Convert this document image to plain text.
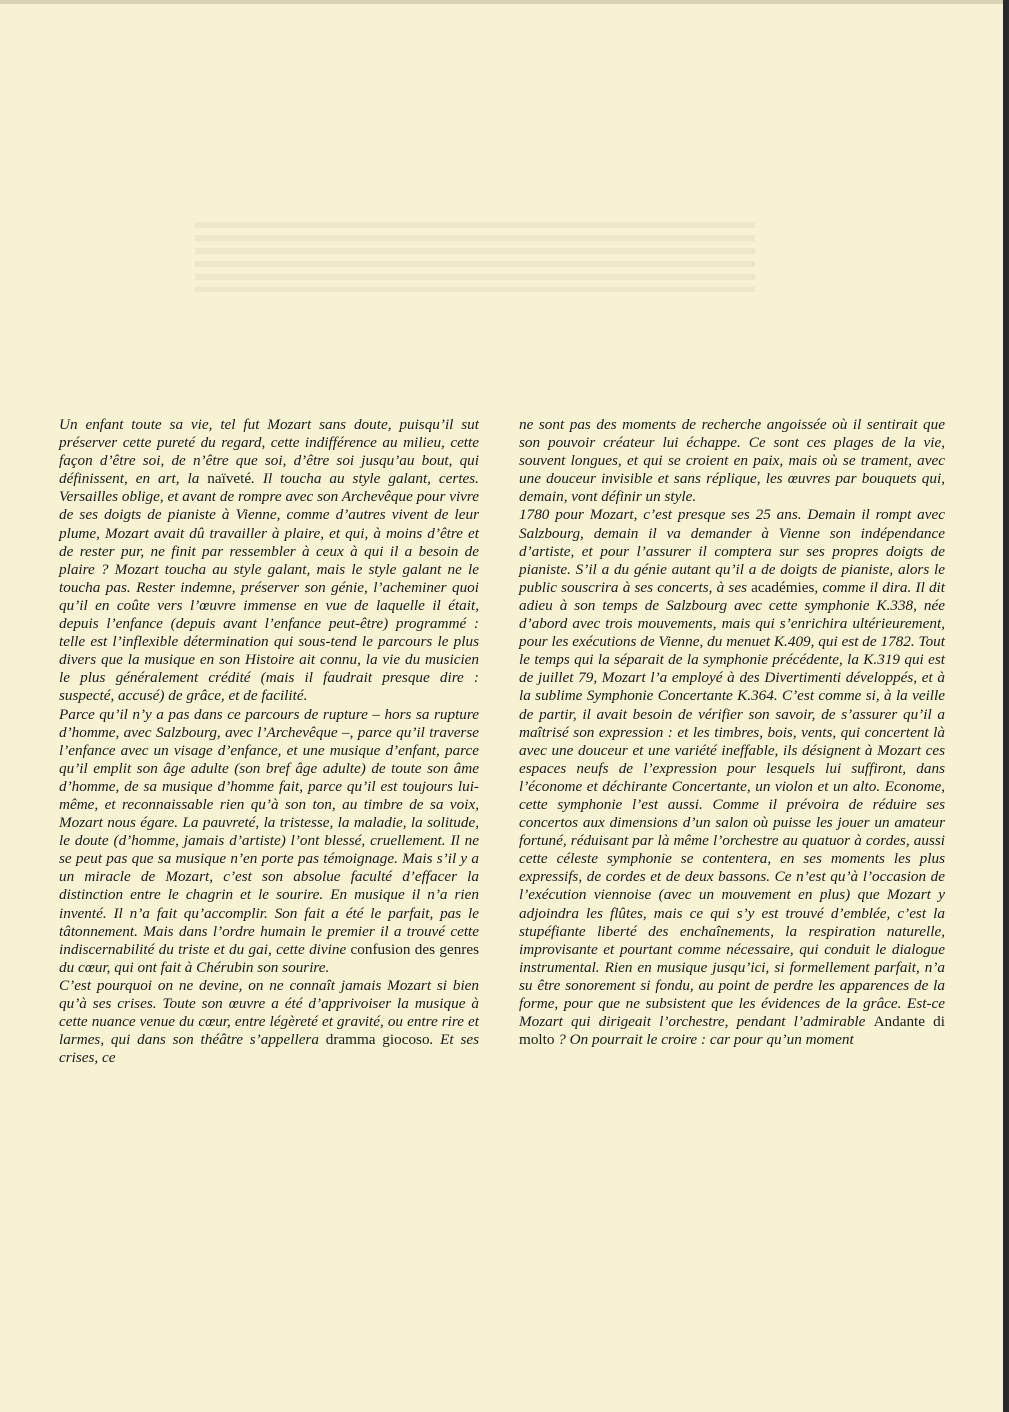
Un enfant toute sa vie, tel fut Mozart sans doute, puisqu’il sut préserver cette pureté du regard, cette indifférence au milieu, cette façon d’être soi, de n’être que soi, d’être soi jusqu’au bout, qui définissent, en art, la naïveté. Il toucha au style galant, certes. Versailles oblige, et avant de rompre avec son Archevêque pour vivre de ses doigts de pianiste à Vienne, comme d’autres vivent de leur plume, Mozart avait dû travailler à plaire, et qui, à moins d’être et de rester pur, ne finit par ressembler à ceux à qui il a besoin de plaire ? Mozart toucha au style galant, mais le style galant ne le toucha pas. Rester indemne, préserver son génie, l’acheminer quoi qu’il en coûte vers l’œuvre immense en vue de laquelle il était, depuis l’enfance (depuis avant l’enfance peut-être) programmé : telle est l’inflexible détermination qui sous-tend le parcours le plus divers que la musique en son Histoire ait connu, la vie du musicien le plus généralement crédité (mais il faudrait presque dire : suspecté, accusé) de grâce, et de facilité.

Parce qu’il n’y a pas dans ce parcours de rupture – hors sa rupture d’homme, avec Salzbourg, avec l’Archevêque –, parce qu’il traverse l’enfance avec un visage d’enfance, et une musique d’enfant, parce qu’il emplit son âge adulte (son bref âge adulte) de toute son âme d’homme, de sa musique d’homme fait, parce qu’il est toujours lui-même, et reconnaissable rien qu’à son ton, au timbre de sa voix, Mozart nous égare. La pauvreté, la tristesse, la maladie, la solitude, le doute (d’homme, jamais d’artiste) l’ont blessé, cruellement. Il ne se peut pas que sa musique n’en porte pas témoignage. Mais s’il y a un miracle de Mozart, c’est son absolue faculté d’effacer la distinction entre le chagrin et le sourire. En musique il n’a rien inventé. Il n’a fait qu’accomplir. Son fait a été le parfait, pas le tâtonnement. Mais dans l’ordre humain le premier il a trouvé cette indiscernabilité du triste et du gai, cette divine confusion des genres du cœur, qui ont fait à Chérubin son sourire.

C’est pourquoi on ne devine, on ne connaît jamais Mozart si bien qu’à ses crises. Toute son œuvre a été d’apprivoiser la musique à cette nuance venue du cœur, entre légèreté et gravité, ou entre rire et larmes, qui dans son théâtre s’appellera dramma giocoso. Et ses crises, ce

ne sont pas des moments de recherche angoissée où il sentirait que son pouvoir créateur lui échappe. Ce sont ces plages de la vie, souvent longues, et qui se croient en paix, mais où se trament, avec une douceur invisible et sans réplique, les œuvres par bouquets qui, demain, vont définir un style.

1780 pour Mozart, c’est presque ses 25 ans. Demain il rompt avec Salzbourg, demain il va demander à Vienne son indépendance d’artiste, et pour l’assurer il comptera sur ses propres doigts de pianiste. S’il a du génie autant qu’il a de doigts de pianiste, alors le public souscrira à ses concerts, à ses académies, comme il dira. Il dit adieu à son temps de Salzbourg avec cette symphonie K.338, née d’abord avec trois mouvements, mais qui s’enrichira ultérieurement, pour les exécutions de Vienne, du menuet K.409, qui est de 1782. Tout le temps qui la séparait de la symphonie précédente, la K.319 qui est de juillet 79, Mozart l’a employé à des Divertimenti développés, et à la sublime Symphonie Concertante K.364. C’est comme si, à la veille de partir, il avait besoin de vérifier son savoir, de s’assurer qu’il a maîtrisé son expression : et les timbres, bois, vents, qui concertent là avec une douceur et une variété ineffable, ils désignent à Mozart ces espaces neufs de l’expression pour lesquels lui suffiront, dans l’économe et déchirante Concertante, un violon et un alto. Econome, cette symphonie l’est aussi. Comme il prévoira de réduire ses concertos aux dimensions d’un salon où puisse les jouer un amateur fortuné, réduisant par là même l’orchestre au quatuor à cordes, aussi cette céleste symphonie se contentera, en ses moments les plus expressifs, de cordes et de deux bassons. Ce n’est qu’à l’occasion de l’exécution viennoise (avec un mouvement en plus) que Mozart y adjoindra les flûtes, mais ce qui s’y est trouvé d’emblée, c’est la stupéfiante liberté des enchaînements, la respiration naturelle, improvisante et pourtant comme nécessaire, qui conduit le dialogue instrumental. Rien en musique jusqu’ici, si formellement parfait, n’a su être sonorement si fondu, au point de perdre les apparences de la forme, pour que ne subsistent que les évidences de la grâce. Est-ce Mozart qui dirigeait l’orchestre, pendant l’admirable Andante di molto ? On pourrait le croire : car pour qu’un moment
